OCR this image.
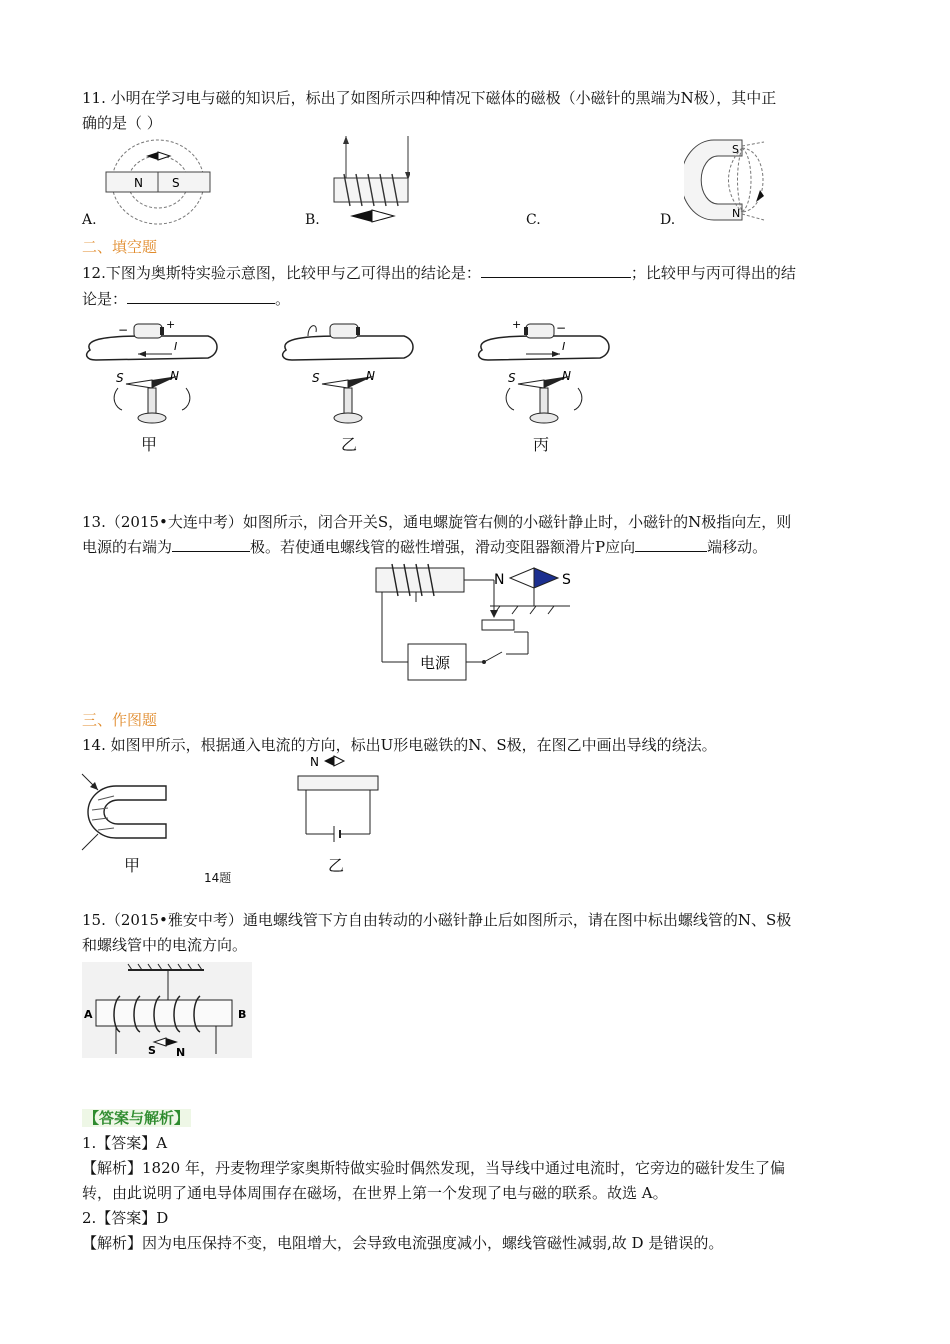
11. 小明在学习电与磁的知识后，标出了如图所示四种情况下磁体的磁极（小磁针的黑端为N极），其中正
确的是（ ）
N S
A.	B.	C.
S
N
D.
二、填空题
12.下图为奥斯特实验示意图，比较甲与乙可得出的结论是：	；比较甲与丙可得出的结
论是：	。
−	+
I
S	N
甲
S	N
乙
+	−
I
S	N
丙
13.（2015•大连中考）如图所示，闭合开关S，通电螺旋管右侧的小磁针静止时，小磁针的N极指向左，则
电源的右端为	极。若使通电螺线管的磁性增强，滑动变阻器额滑片P应向	端移动。
N	S
电源
三、作图题
14. 如图甲所示，根据通入电流的方向，标出U形电磁铁的N、S极，在图乙中画出导线的绕法。
甲
14题
N
乙
15.（2015•雅安中考）通电螺线管下方自由转动的小磁针静止后如图所示，请在图中标出螺线管的N、S极
和螺线管中的电流方向。
A	B
S N
【答案与解析】
1.【答案】A
【解析】1820 年，丹麦物理学家奥斯特做实验时偶然发现，当导线中通过电流时，它旁边的磁针发生了偏
转，由此说明了通电导体周围存在磁场，在世界上第一个发现了电与磁的联系。故选 A。
2.【答案】D
【解析】因为电压保持不变，电阻增大，会导致电流强度减小，螺线管磁性减弱,故 D 是错误的。
